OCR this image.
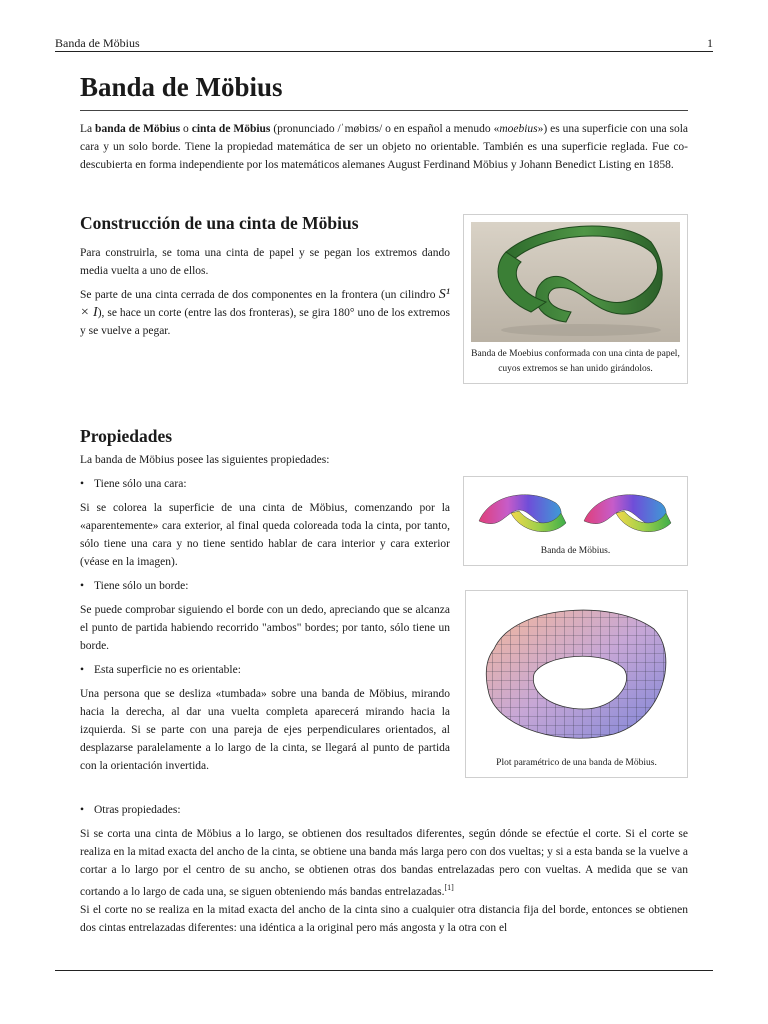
Banda de Möbius	1
Banda de Möbius

La banda de Möbius o cinta de Möbius (pronunciado /ˈmøbiʊs/ o en español a menudo «moebius») es una superficie con una sola cara y un solo borde. Tiene la propiedad matemática de ser un objeto no orientable. También es una superficie reglada. Fue co-descubierta en forma independiente por los matemáticos alemanes August Ferdinand Möbius y Johann Benedict Listing en 1858.

Construcción de una cinta de Möbius

Para construirla, se toma una cinta de papel y se pegan los extremos dando media vuelta a uno de ellos.

Se parte de una cinta cerrada de dos componentes en la frontera (un cilindro S¹ × I), se hace un corte (entre las dos fronteras), se gira 180° uno de los extremos y se vuelve a pegar.

Banda de Moebius conformada con una cinta de papel, cuyos extremos se han unido girándolos.
Propiedades

La banda de Möbius posee las siguientes propiedades:

• Tiene sólo una cara:

Si se colorea la superficie de una cinta de Möbius, comenzando por la «aparentemente» cara exterior, al final queda coloreada toda la cinta, por tanto, sólo tiene una cara y no tiene sentido hablar de cara interior y cara exterior (véase en la imagen).

• Tiene sólo un borde:

Se puede comprobar siguiendo el borde con un dedo, apreciando que se alcanza el punto de partida habiendo recorrido "ambos" bordes; por tanto, sólo tiene un borde.

• Esta superficie no es orientable:

Una persona que se desliza «tumbada» sobre una banda de Möbius, mirando hacia la derecha, al dar una vuelta completa aparecerá mirando hacia la izquierda. Si se parte con una pareja de ejes perpendiculares orientados, al desplazarse paralelamente a lo largo de la cinta, se llegará al punto de partida con la orientación invertida.

Banda de Möbius.
Plot paramétrico de una banda de Möbius.
• Otras propiedades:

Si se corta una cinta de Möbius a lo largo, se obtienen dos resultados diferentes, según dónde se efectúe el corte. Si el corte se realiza en la mitad exacta del ancho de la cinta, se obtiene una banda más larga pero con dos vueltas; y si a esta banda se la vuelve a cortar a lo largo por el centro de su ancho, se obtienen otras dos bandas entrelazadas pero con vueltas. A medida que se van cortando a lo largo de cada una, se siguen obteniendo más bandas entrelazadas.[1]

Si el corte no se realiza en la mitad exacta del ancho de la cinta sino a cualquier otra distancia fija del borde, entonces se obtienen dos cintas entrelazadas diferentes: una idéntica a la original pero más angosta y la otra con el
